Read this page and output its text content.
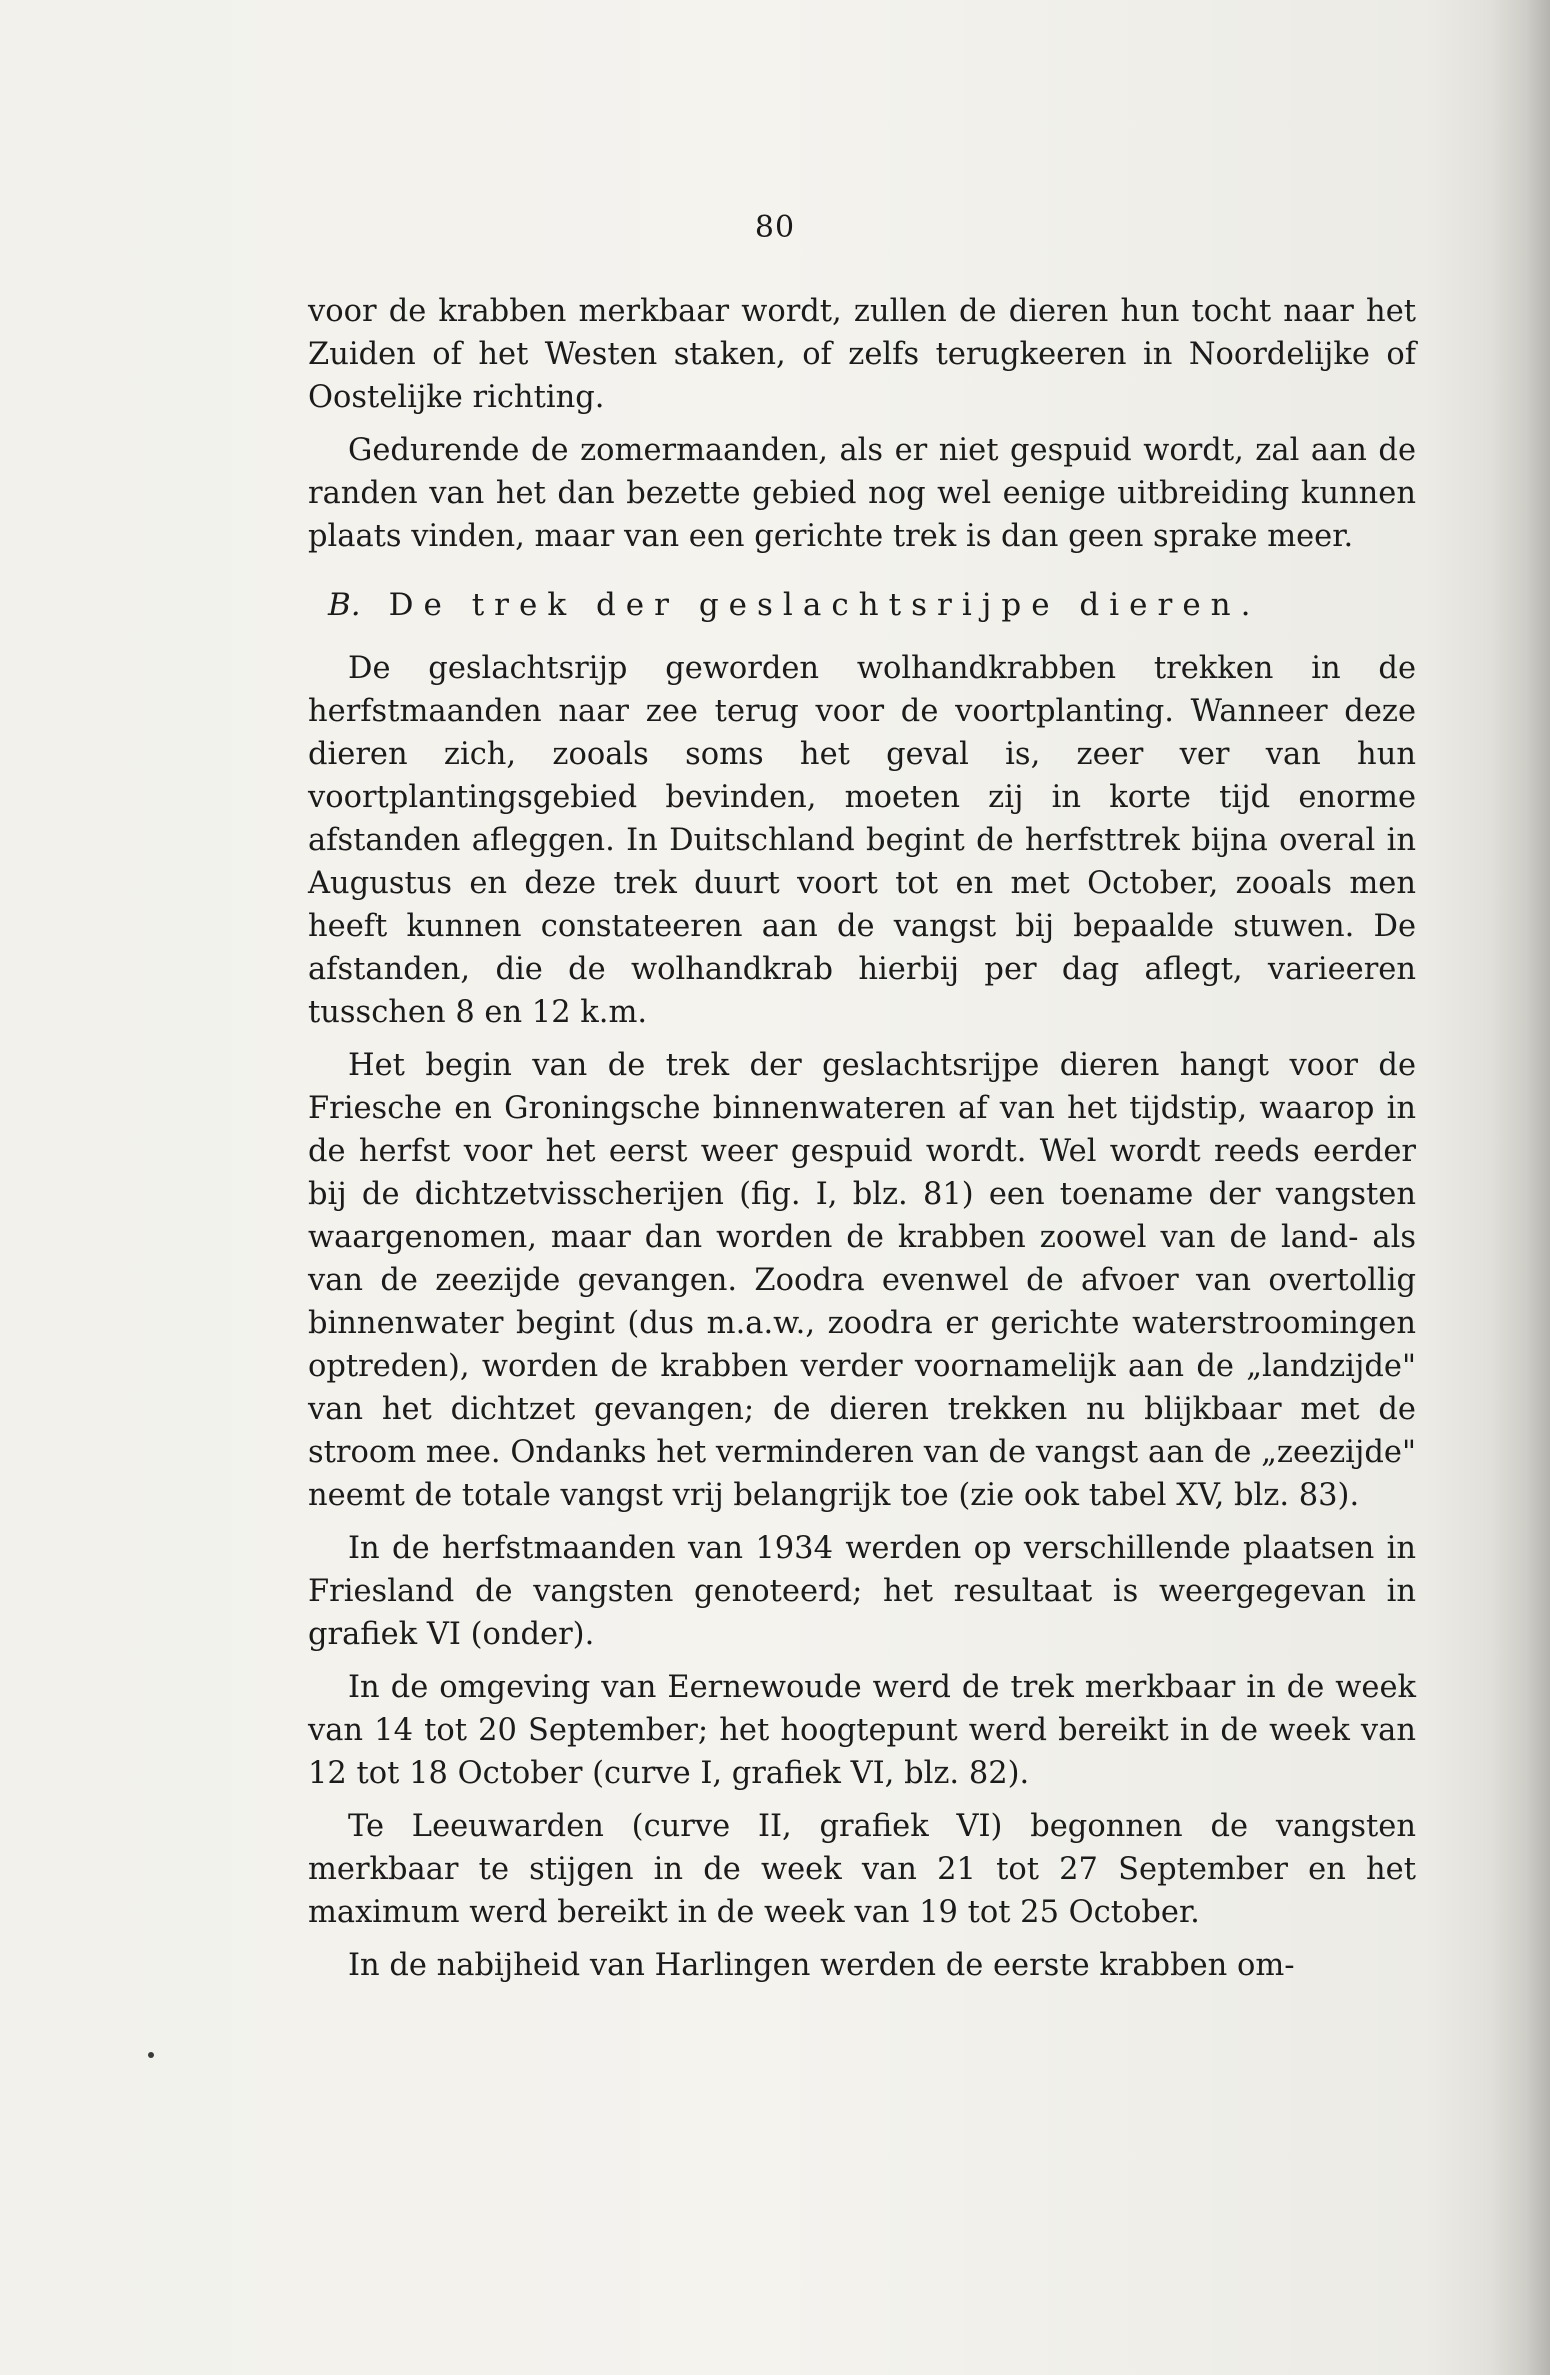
80

voor de krabben merkbaar wordt, zullen de dieren hun tocht naar het Zuiden of het Westen staken, of zelfs terugkeeren in Noordelijke of Oostelijke richting.

Gedurende de zomermaanden, als er niet gespuid wordt, zal aan de randen van het dan bezette gebied nog wel eenige uitbreiding kunnen plaats vinden, maar van een gerichte trek is dan geen sprake meer.

B. De trek der geslachtsrijpe dieren.

De geslachtsrijp geworden wolhandkrabben trekken in de herfstmaanden naar zee terug voor de voortplanting. Wanneer deze dieren zich, zooals soms het geval is, zeer ver van hun voortplantingsgebied bevinden, moeten zij in korte tijd enorme afstanden afleggen. In Duitschland begint de herfsttrek bijna overal in Augustus en deze trek duurt voort tot en met October, zooals men heeft kunnen constateeren aan de vangst bij bepaalde stuwen. De afstanden, die de wolhandkrab hierbij per dag aflegt, varieeren tusschen 8 en 12 k.m.

Het begin van de trek der geslachtsrijpe dieren hangt voor de Friesche en Groningsche binnenwateren af van het tijdstip, waarop in de herfst voor het eerst weer gespuid wordt. Wel wordt reeds eerder bij de dichtzetvisscherijen (fig. I, blz. 81) een toename der vangsten waargenomen, maar dan worden de krabben zoowel van de land- als van de zeezijde gevangen. Zoodra evenwel de afvoer van overtollig binnenwater begint (dus m.a.w., zoodra er gerichte waterstroomingen optreden), worden de krabben verder voornamelijk aan de „landzijde" van het dichtzet gevangen; de dieren trekken nu blijkbaar met de stroom mee. Ondanks het verminderen van de vangst aan de „zeezijde" neemt de totale vangst vrij belangrijk toe (zie ook tabel XV, blz. 83).

In de herfstmaanden van 1934 werden op verschillende plaatsen in Friesland de vangsten genoteerd; het resultaat is weergegevan in grafiek VI (onder).

In de omgeving van Eernewoude werd de trek merkbaar in de week van 14 tot 20 September; het hoogtepunt werd bereikt in de week van 12 tot 18 October (curve I, grafiek VI, blz. 82).

Te Leeuwarden (curve II, grafiek VI) begonnen de vangsten merkbaar te stijgen in de week van 21 tot 27 September en het maximum werd bereikt in de week van 19 tot 25 October.

In de nabijheid van Harlingen werden de eerste krabben om-
